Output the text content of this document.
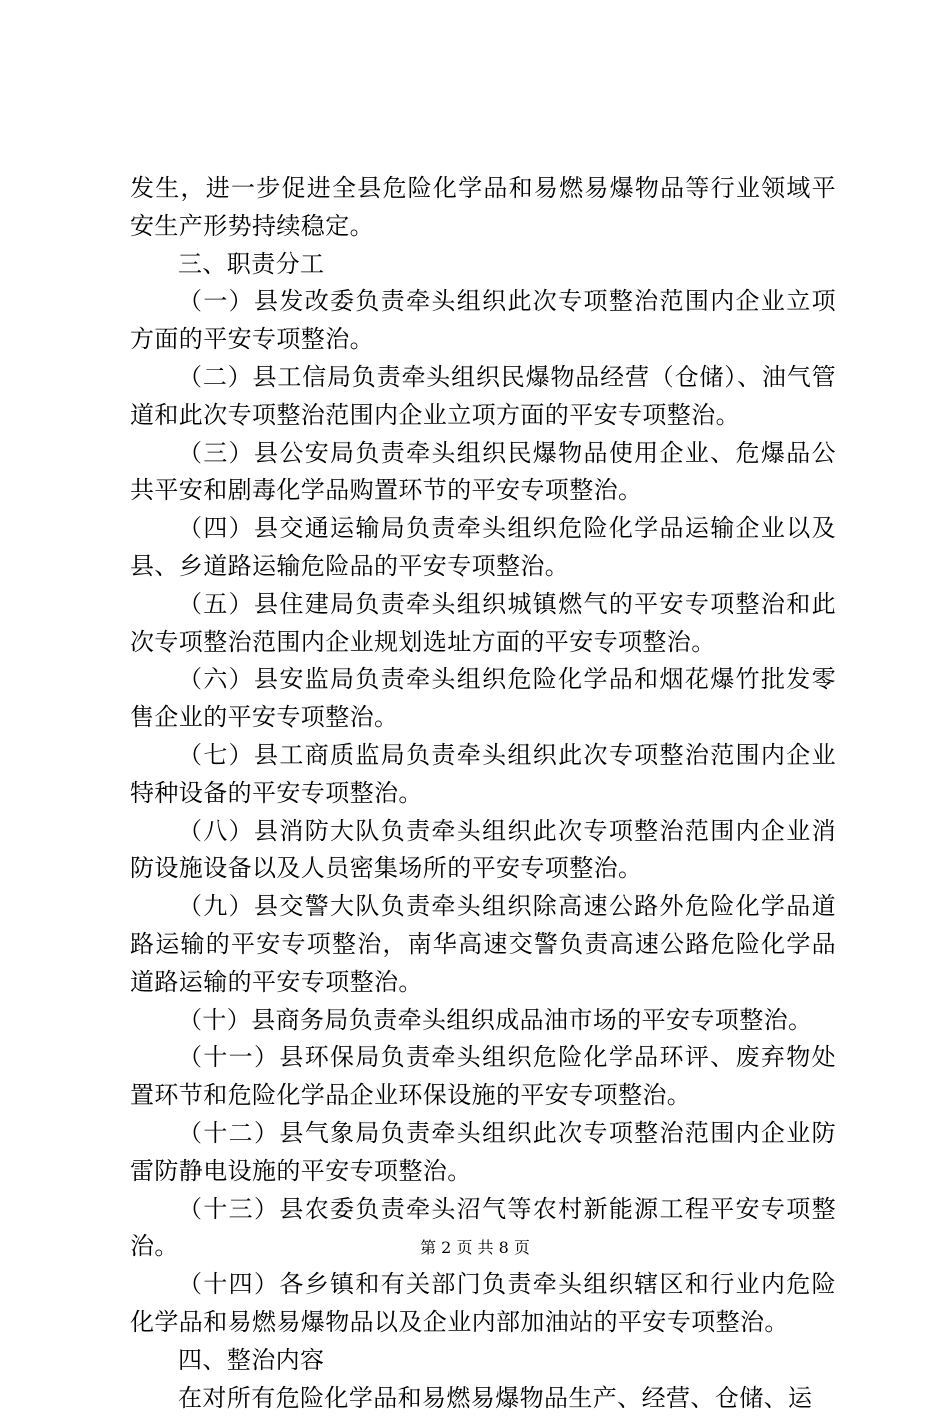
发生，进一步促进全县危险化学品和易燃易爆物品等行业领域平安生产形势持续稳定。

三、职责分工

（一）县发改委负责牵头组织此次专项整治范围内企业立项方面的平安专项整治。

（二）县工信局负责牵头组织民爆物品经营（仓储）、油气管道和此次专项整治范围内企业立项方面的平安专项整治。

（三）县公安局负责牵头组织民爆物品使用企业、危爆品公共平安和剧毒化学品购置环节的平安专项整治。

（四）县交通运输局负责牵头组织危险化学品运输企业以及县、乡道路运输危险品的平安专项整治。

（五）县住建局负责牵头组织城镇燃气的平安专项整治和此次专项整治范围内企业规划选址方面的平安专项整治。

（六）县安监局负责牵头组织危险化学品和烟花爆竹批发零售企业的平安专项整治。

（七）县工商质监局负责牵头组织此次专项整治范围内企业特种设备的平安专项整治。

（八）县消防大队负责牵头组织此次专项整治范围内企业消防设施设备以及人员密集场所的平安专项整治。

（九）县交警大队负责牵头组织除高速公路外危险化学品道路运输的平安专项整治，南华高速交警负责高速公路危险化学品道路运输的平安专项整治。

（十）县商务局负责牵头组织成品油市场的平安专项整治。

（十一）县环保局负责牵头组织危险化学品环评、废弃物处置环节和危险化学品企业环保设施的平安专项整治。

（十二）县气象局负责牵头组织此次专项整治范围内企业防雷防静电设施的平安专项整治。

（十三）县农委负责牵头沼气等农村新能源工程平安专项整治。

（十四）各乡镇和有关部门负责牵头组织辖区和行业内危险化学品和易燃易爆物品以及企业内部加油站的平安专项整治。

四、整治内容

在对所有危险化学品和易燃易爆物品生产、经营、仓储、运

第 2 页 共 8 页
